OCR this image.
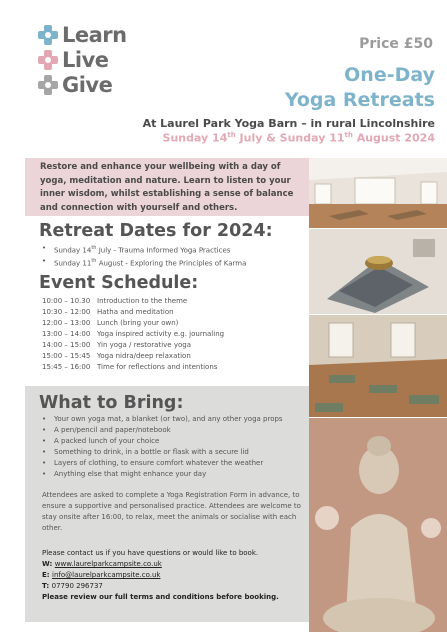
Learn
Live
Give
Price £50
One-Day
Yoga Retreats
At Laurel Park Yoga Barn – in rural Lincolnshire
Sunday 14th July & Sunday 11th August 2024
Restore and enhance your wellbeing with a day of yoga, meditation and nature. Learn to listen to your inner wisdom, whilst establishing a sense of balance and connection with yourself and others.
Retreat Dates for 2024:
• Sunday 14th July - Trauma Informed Yoga Practices
• Sunday 11th August - Exploring the Principles of Karma
Event Schedule:
10:00 – 10.30 Introduction to the theme
10:30 – 12:00 Hatha and meditation
12:00 – 13:00 Lunch (bring your own)
13:00 – 14:00 Yoga inspired activity e.g. journaling
14:00 – 15:00 Yin yoga / restorative yoga
15:00 – 15:45 Yoga nidra/deep relaxation
15:45 – 16:00 Time for reflections and intentions
What to Bring:
• Your own yoga mat, a blanket (or two), and any other yoga props
• A pen/pencil and paper/notebook
• A packed lunch of your choice
• Something to drink, in a bottle or flask with a secure lid
• Layers of clothing, to ensure comfort whatever the weather
• Anything else that might enhance your day
Attendees are asked to complete a Yoga Registration Form in advance, to ensure a supportive and personalised practice. Attendees are welcome to stay onsite after 16:00, to relax, meet the animals or socialise with each other.
Please contact us if you have questions or would like to book.
W: www.laurelparkcampsite.co.uk
E: info@laurelparkcampsite.co.uk
T: 07790 296737
Please review our full terms and conditions before booking.
